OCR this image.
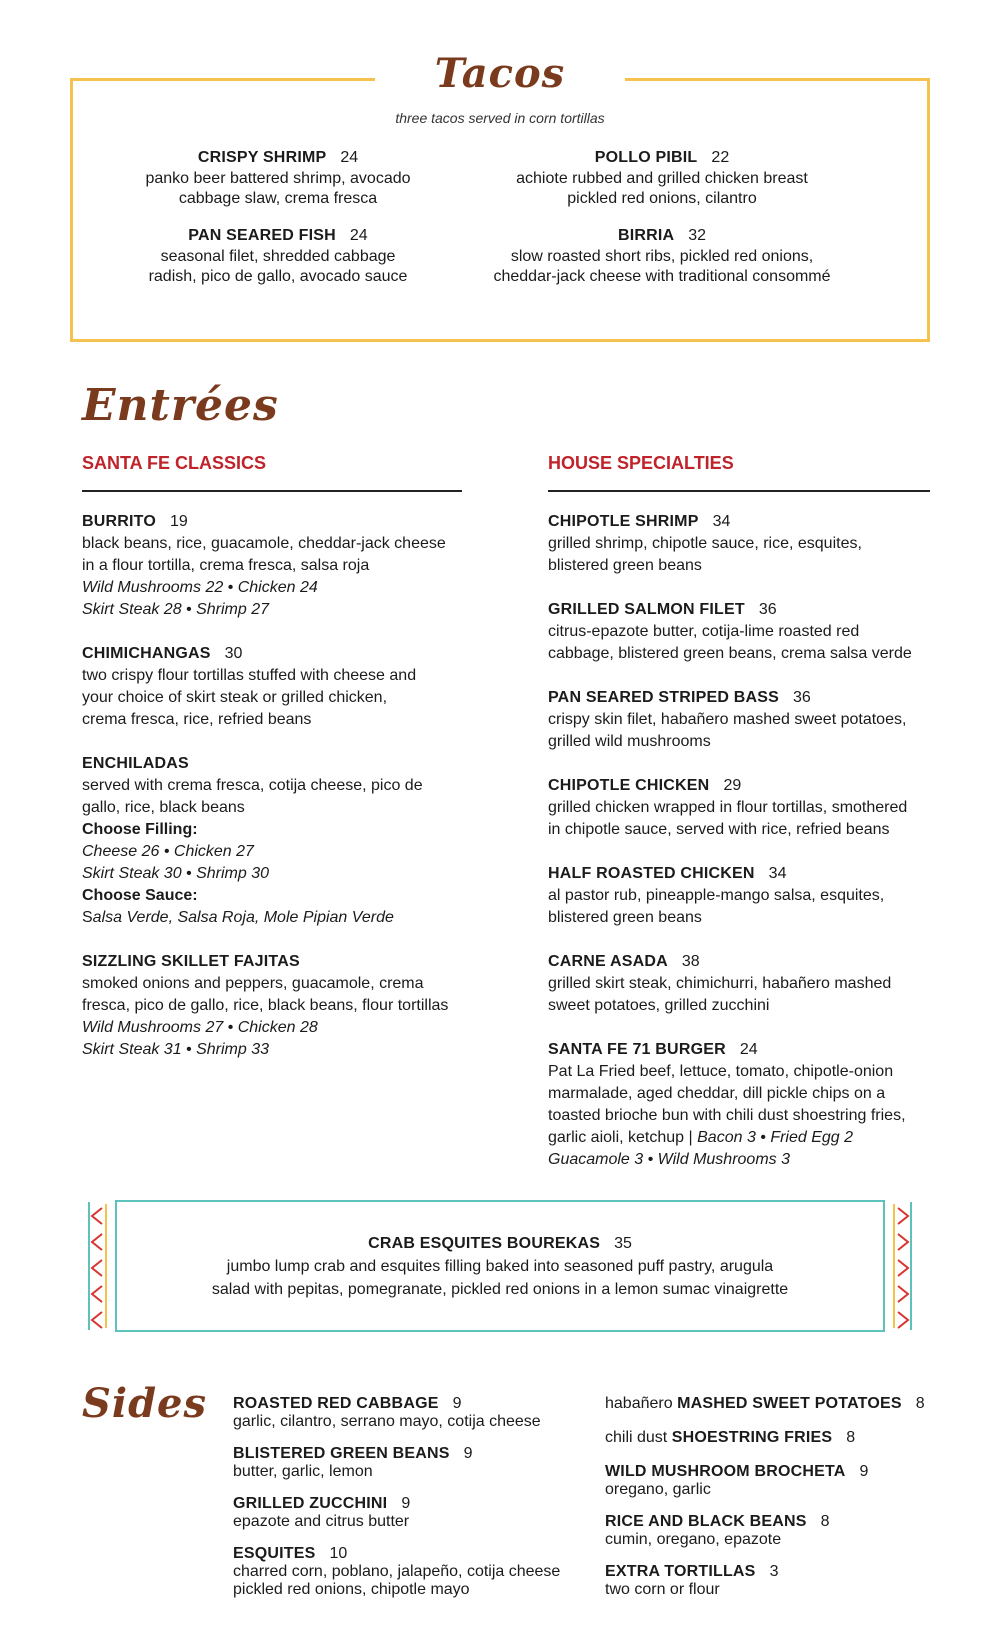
Tacos
three tacos served in corn tortillas
CRISPY SHRIMP 24
panko beer battered shrimp, avocado
cabbage slaw, crema fresca
POLLO PIBIL 22
achiote rubbed and grilled chicken breast
pickled red onions, cilantro
PAN SEARED FISH 24
seasonal filet, shredded cabbage
radish, pico de gallo, avocado sauce
BIRRIA 32
slow roasted short ribs, pickled red onions,
cheddar-jack cheese with traditional consommé
Entrées
SANTA FE CLASSICS	HOUSE SPECIALTIES
BURRITO 19
black beans, rice, guacamole, cheddar-jack cheese
in a flour tortilla, crema fresca, salsa roja
Wild Mushrooms 22 • Chicken 24
Skirt Steak 28 • Shrimp 27
CHIMICHANGAS 30
two crispy flour tortillas stuffed with cheese and
your choice of skirt steak or grilled chicken,
crema fresca, rice, refried beans
ENCHILADAS
served with crema fresca, cotija cheese, pico de
gallo, rice, black beans
Choose Filling:
Cheese 26 • Chicken 27
Skirt Steak 30 • Shrimp 30
Choose Sauce:
Salsa Verde, Salsa Roja, Mole Pipian Verde
SIZZLING SKILLET FAJITAS
smoked onions and peppers, guacamole, crema
fresca, pico de gallo, rice, black beans, flour tortillas
Wild Mushrooms 27 • Chicken 28
Skirt Steak 31 • Shrimp 33
CHIPOTLE SHRIMP 34
grilled shrimp, chipotle sauce, rice, esquites,
blistered green beans
GRILLED SALMON FILET 36
citrus-epazote butter, cotija-lime roasted red
cabbage, blistered green beans, crema salsa verde
PAN SEARED STRIPED BASS 36
crispy skin filet, habañero mashed sweet potatoes,
grilled wild mushrooms
CHIPOTLE CHICKEN 29
grilled chicken wrapped in flour tortillas, smothered
in chipotle sauce, served with rice, refried beans
HALF ROASTED CHICKEN 34
al pastor rub, pineapple-mango salsa, esquites,
blistered green beans
CARNE ASADA 38
grilled skirt steak, chimichurri, habañero mashed
sweet potatoes, grilled zucchini
SANTA FE 71 BURGER 24
Pat La Fried beef, lettuce, tomato, chipotle-onion
marmalade, aged cheddar, dill pickle chips on a
toasted brioche bun with chili dust shoestring fries,
garlic aioli, ketchup | Bacon 3 • Fried Egg 2
Guacamole 3 • Wild Mushrooms 3
CRAB ESQUITES BOUREKAS 35
jumbo lump crab and esquites filling baked into seasoned puff pastry, arugula
salad with pepitas, pomegranate, pickled red onions in a lemon sumac vinaigrette
Sides ROASTED RED CABBAGE 9
garlic, cilantro, serrano mayo, cotija cheese
BLISTERED GREEN BEANS 9
butter, garlic, lemon
GRILLED ZUCCHINI 9
epazote and citrus butter
ESQUITES 10
charred corn, poblano, jalapeño, cotija cheese
pickled red onions, chipotle mayo
habañero MASHED SWEET POTATOES 8
chili dust SHOESTRING FRIES 8
WILD MUSHROOM BROCHETA 9
oregano, garlic
RICE AND BLACK BEANS 8
cumin, oregano, epazote
EXTRA TORTILLAS 3
two corn or flour
